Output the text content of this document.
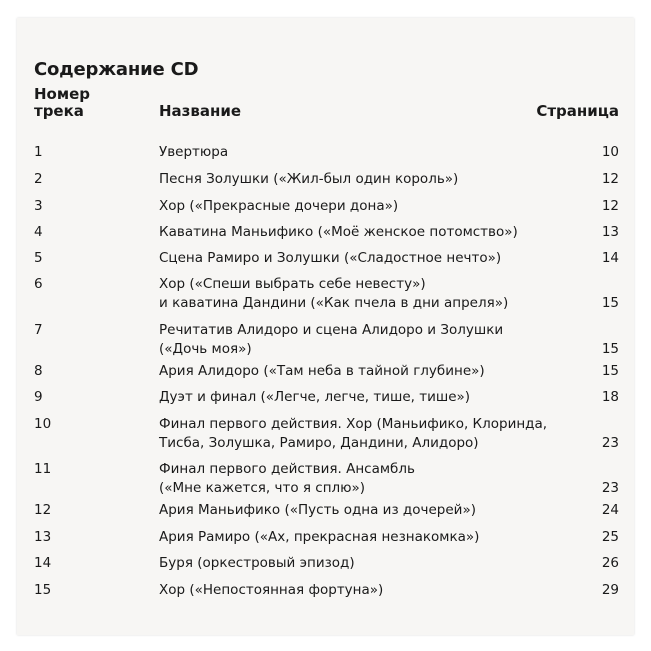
Содержание CD
Номер
трека	Название	Страница
1	Увертюра	10
2	Песня Золушки («Жил-был один король»)	12
3	Хор («Прекрасные дочери дона»)	12
4	Каватина Маньифико («Моё женское потомство»)	13
5	Сцена Рамиро и Золушки («Сладостное нечто»)	14
6	Хор («Спеши выбрать себе невесту»)
и каватина Дандини («Как пчела в дни апреля»)	15
7	Речитатив Алидоро и сцена Алидоро и Золушки
(«Дочь моя»)	15
8	Ария Алидоро («Там неба в тайной глубине»)	15
9	Дуэт и финал («Легче, легче, тише, тише»)	18
10	Финал первого действия. Хор (Маньифико, Клоринда,
Тисба, Золушка, Рамиро, Дандини, Алидоро)	23
11	Финал первого действия. Ансамбль
(«Мне кажется, что я сплю»)	23
12	Ария Маньифико («Пусть одна из дочерей»)	24
13	Ария Рамиро («Ах, прекрасная незнакомка»)	25
14	Буря (оркестровый эпизод)	26
15	Хор («Непостоянная фортуна»)	29
